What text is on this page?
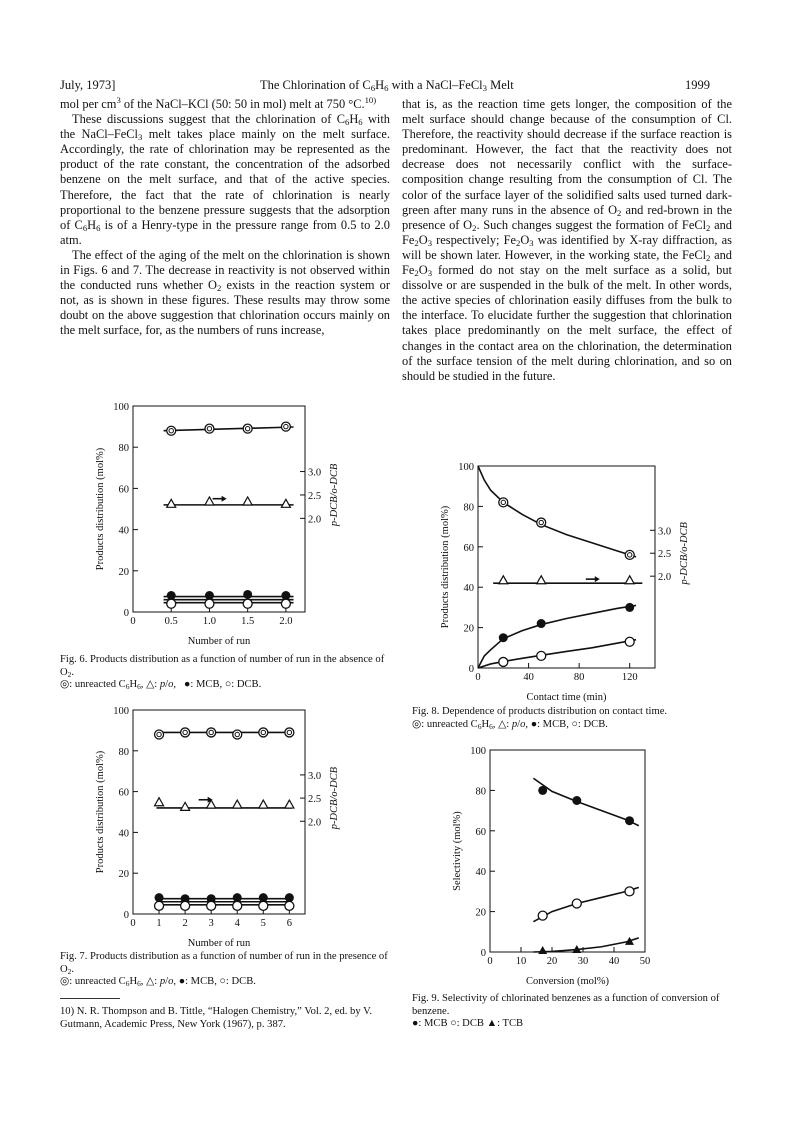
July, 1973]	The Chlorination of $C_6H_6$ with a NaCl–FeCl$_3$ Melt	1999

mol per $cm^3$ of the NaCl–KCl (50: 50 in mol) melt at 750 °C.$^{10)}$

These discussions suggest that the chlorination of $C_6H_6$ with the NaCl–FeCl$_3$ melt takes place mainly on the melt surface. Accordingly, the rate of chlorination may be represented as the product of the rate constant, the concentration of the adsorbed benzene on the melt surface, and that of the active species. Therefore, the fact that the rate of chlorination is nearly proportional to the benzene pressure suggests that the adsorption of $C_6H_6$ is of a Henry-type in the pressure range from 0.5 to 2.0 atm.

The effect of the aging of the melt on the chlorination is shown in Figs. 6 and 7. The decrease in reactivity is not observed within the conducted runs whether $O_2$ exists in the reaction system or not, as is shown in these figures. These results may throw some doubt on the above suggestion that chlorination occurs mainly on the melt surface, for, as the numbers of runs increase,

that is, as the reaction time gets longer, the composition of the melt surface should change because of the consumption of Cl. Therefore, the reactivity should decrease if the surface reaction is predominant. However, the fact that the reactivity does not decrease does not necessarily conflict with the surface-composition change resulting from the consumption of Cl. The color of the surface layer of the solidified salts used turned dark-green after many runs in the absence of $O_2$ and red-brown in the presence of $O_2$. Such changes suggest the formation of FeCl$_2$ and $Fe_2O_3$ respectively; $Fe_2O_3$ was identified by X-ray diffraction, as will be shown later. However, in the working state, the FeCl$_2$ and $Fe_2O_3$ formed do not stay on the melt surface as a solid, but dissolve or are suspended in the bulk of the melt. In other words, the active species of chlorination easily diffuses from the bulk to the interface. To elucidate further the suggestion that chlorination takes place predominantly on the melt surface, the effect of changes in the contact area on the chlorination, the determination of the surface tension of the melt during chlorination, and so on should be studied in the future.

0
20
40
60
80
100
0	0.5 1.0 1.5 2.0
2.0
2.5
3.0 p-DCB/o-DCB
Products distribution (mol%)
Number of run
Fig. 6. Products distribution as a function of number of run in the absence of $O_2$.
◎: unreacted $C_6H_6$, △: p/o,   ●: MCB, ○: DCB.
0
20
40
60
80
100
0 1 2 3 4 5 6
2.0
2.5
3.0 p-DCB/o-DCB
Products distribution (mol%)
Number of run
Fig. 7. Products distribution as a function of number of run in the presence of $O_2$.
◎: unreacted $C_6H_6$, △: p/o, ●: MCB, ○: DCB.
0
20
40
60
80
100
0	40	80	120
2.0
2.5
3.0 p-DCB/o-DCB
Products distribution (mol%)
Contact time (min)
Fig. 8. Dependence of products distribution on contact time.
◎: unreacted $C_6H_6$, △: p/o, ●: MCB, ○: DCB.
0
20
40
60
80
100
0 10 20 30 40 50
Selectivity (mol%)
Conversion (mol%)
Fig. 9. Selectivity of chlorinated benzenes as a function of conversion of benzene.
●: MCB ○: DCB ▲: TCB
10) N. R. Thompson and B. Tittle, “Halogen Chemistry,” Vol. 2, ed. by V. Gutmann, Academic Press, New York (1967), p. 387.
